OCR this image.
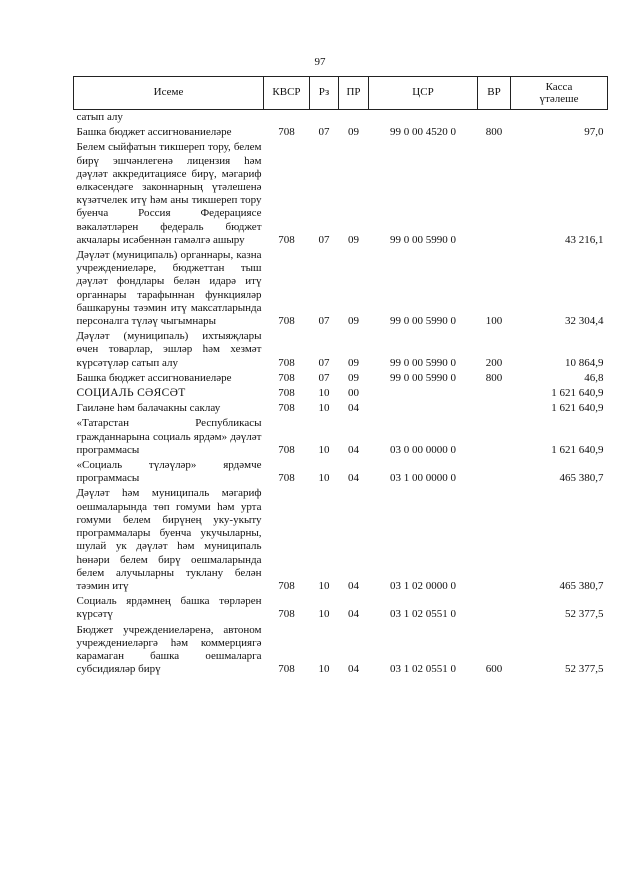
97
Исеме	КВСР	Рз	ПР	ЦСР	ВР	Касса
үтәлеше

сатып алу						
Башка бюджет ассигнованиеләре	708	07	09	99 0 00 4520 0	800	97,0
Белем сыйфатын тикшереп тору, белем бирү эшчәнлегенә лицензия һәм дәүләт аккредитациясе бирү, мәгариф өлкәсендәге законнарның үтәлешенә күзәтчелек итү һәм аны тикшереп тору буенча Россия Федерациясе вәкаләтләрен федераль бюджет акчалары исәбеннән гамәлгә ашыру	708	07	09	99 0 00 5990 0		43 216,1
Дәүләт (муниципаль) органнары, казна учреждениеләре, бюджеттан тыш дәүләт фондлары белән идарә итү органнары тарафыннан функцияләр башкаруны тәэмин итү максатларында персоналга түләү чыгымнары	708	07	09	99 0 00 5990 0	100	32 304,4
Дәүләт (муниципаль) ихтыяҗлары өчен товарлар, эшләр һәм хезмәт күрсәтүләр сатып алу	708	07	09	99 0 00 5990 0	200	10 864,9
Башка бюджет ассигнованиеләре	708	07	09	99 0 00 5990 0	800	46,8
СОЦИАЛЬ СӘЯСӘТ	708	10	00			1 621 640,9
Гаиләне һәм балачакны саклау	708	10	04			1 621 640,9
«Татарстан Республикасы гражданнарына социаль ярдәм» дәүләт программасы	708	10	04	03 0 00 0000 0		1 621 640,9
«Социаль түләүләр» ярдәмче программасы	708	10	04	03 1 00 0000 0		465 380,7
Дәүләт һәм муниципаль мәгариф оешмаларында төп гомуми һәм урта гомуми белем бирүнең уку-укыту программалары буенча укучыларны, шулай ук дәүләт һәм муниципаль һөнәри белем бирү оешмаларында белем алучыларны туклану белән тәэмин итү	708	10	04	03 1 02 0000 0		465 380,7
Социаль ярдәмнең башка төрләрен күрсәтү	708	10	04	03 1 02 0551 0		52 377,5
Бюджет учреждениеләренә, автоном учреждениеләргә һәм коммерциягә карамаган башка оешмаларга субсидияләр бирү	708	10	04	03 1 02 0551 0	600	52 377,5
